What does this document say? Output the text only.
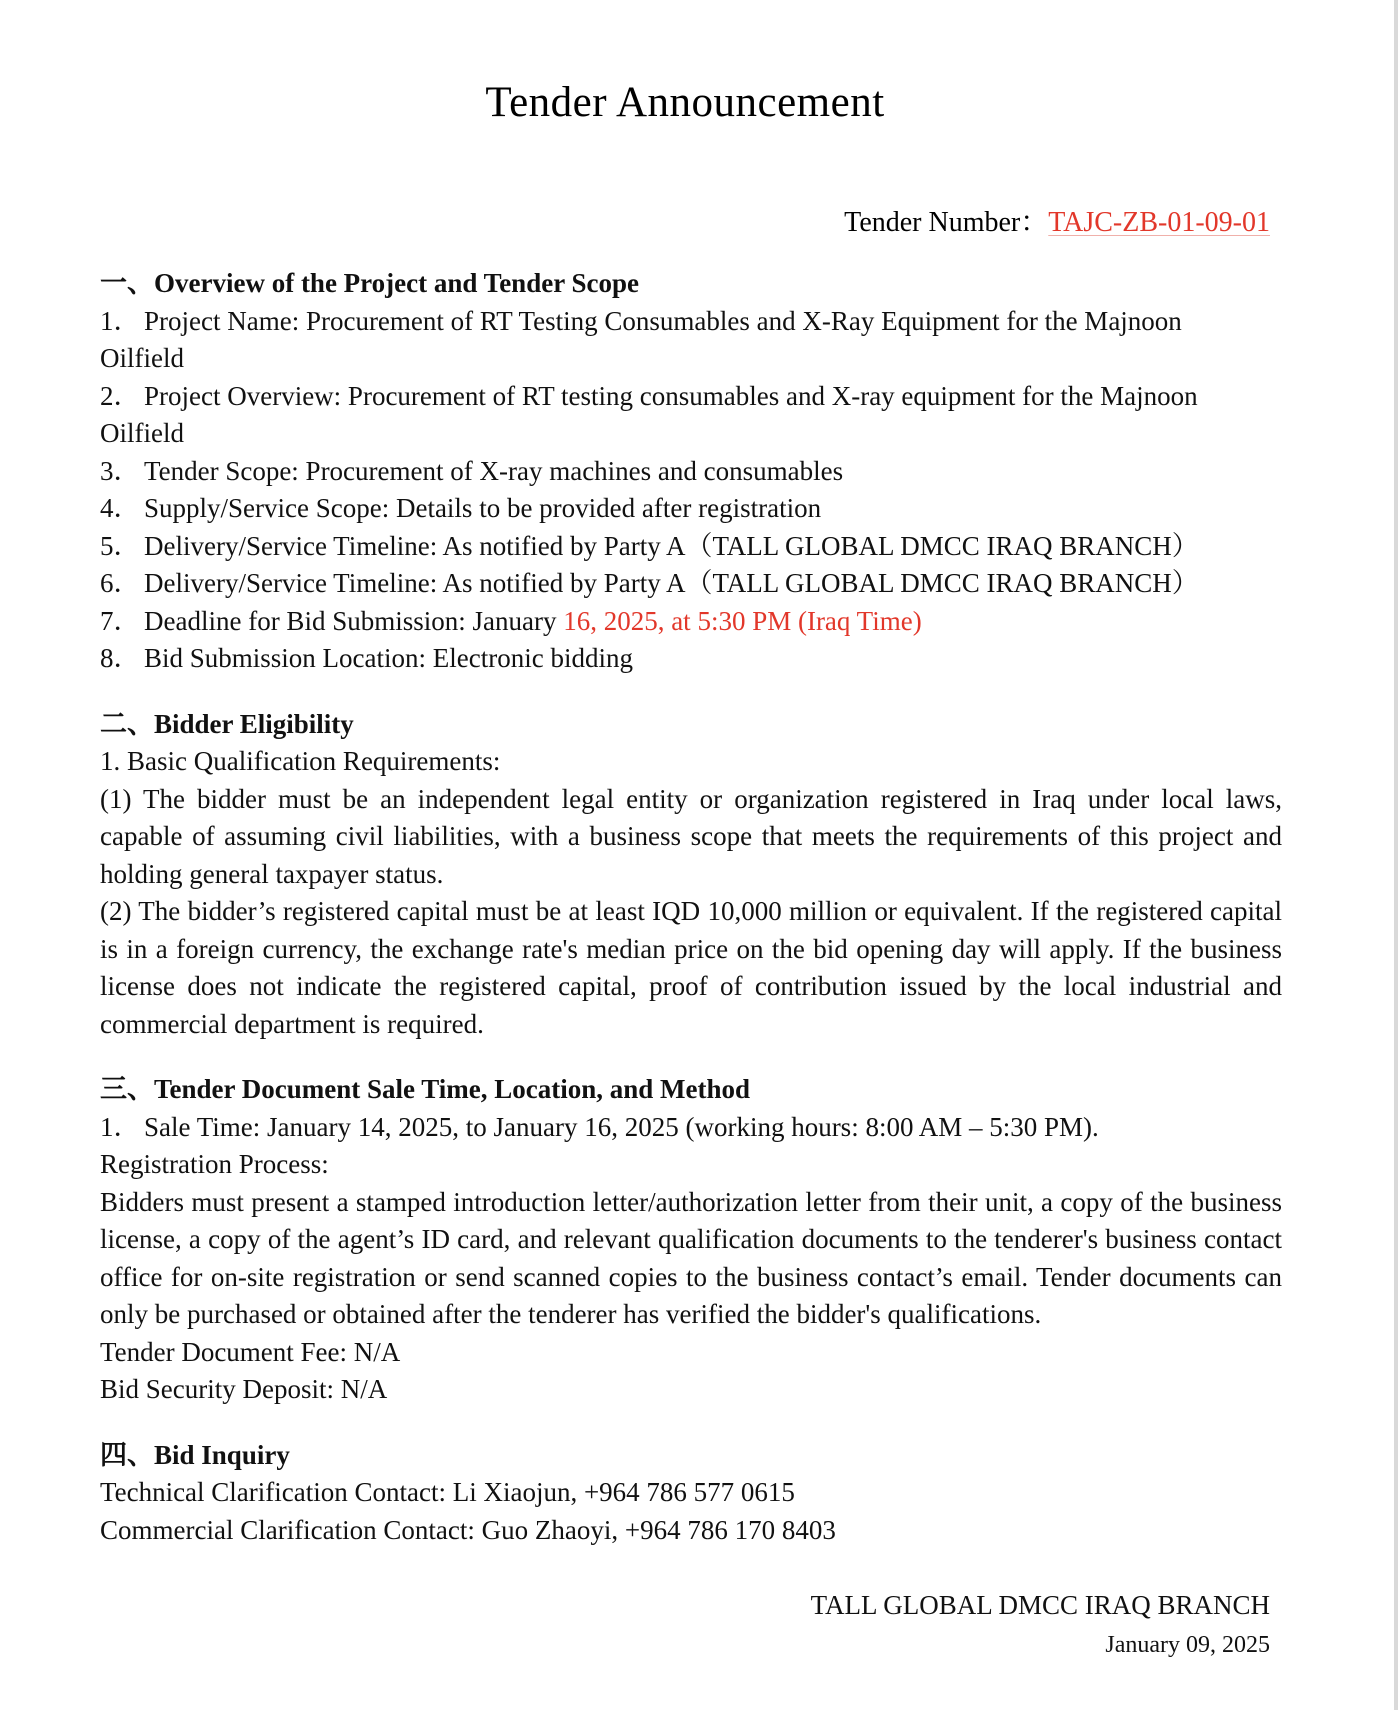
Tender Announcement
Tender Number：TAJC-ZB-01-09-01
一、Overview of the Project and Tender Scope
1． Project Name: Procurement of RT Testing Consumables and X-Ray Equipment for the Majnoon
Oilfield
2． Project Overview: Procurement of RT testing consumables and X-ray equipment for the Majnoon
Oilfield
3． Tender Scope: Procurement of X-ray machines and consumables
4． Supply/Service Scope: Details to be provided after registration
5． Delivery/Service Timeline: As notified by Party A（TALL GLOBAL DMCC IRAQ BRANCH）
6． Delivery/Service Timeline: As notified by Party A（TALL GLOBAL DMCC IRAQ BRANCH）
7． Deadline for Bid Submission: January 16, 2025, at 5:30 PM (Iraq Time)
8． Bid Submission Location: Electronic bidding
二、Bidder Eligibility
1. Basic Qualification Requirements:
(1) The bidder must be an independent legal entity or organization registered in Iraq under local laws, capable of assuming civil liabilities, with a business scope that meets the requirements of this project and holding general taxpayer status.
(2) The bidder’s registered capital must be at least IQD 10,000 million or equivalent. If the registered capital is in a foreign currency, the exchange rate's median price on the bid opening day will apply. If the business license does not indicate the registered capital, proof of contribution issued by the local industrial and commercial department is required.
三、Tender Document Sale Time, Location, and Method
1． Sale Time: January 14, 2025, to January 16, 2025 (working hours: 8:00 AM – 5:30 PM).
Registration Process:
Bidders must present a stamped introduction letter/authorization letter from their unit, a copy of the business license, a copy of the agent’s ID card, and relevant qualification documents to the tenderer's business contact office for on-site registration or send scanned copies to the business contact’s email. Tender documents can only be purchased or obtained after the tenderer has verified the bidder's qualifications.
Tender Document Fee: N/A
Bid Security Deposit: N/A
四、Bid Inquiry
Technical Clarification Contact: Li Xiaojun, +964 786 577 0615
Commercial Clarification Contact: Guo Zhaoyi, +964 786 170 8403
TALL GLOBAL DMCC IRAQ BRANCH
January 09, 2025
